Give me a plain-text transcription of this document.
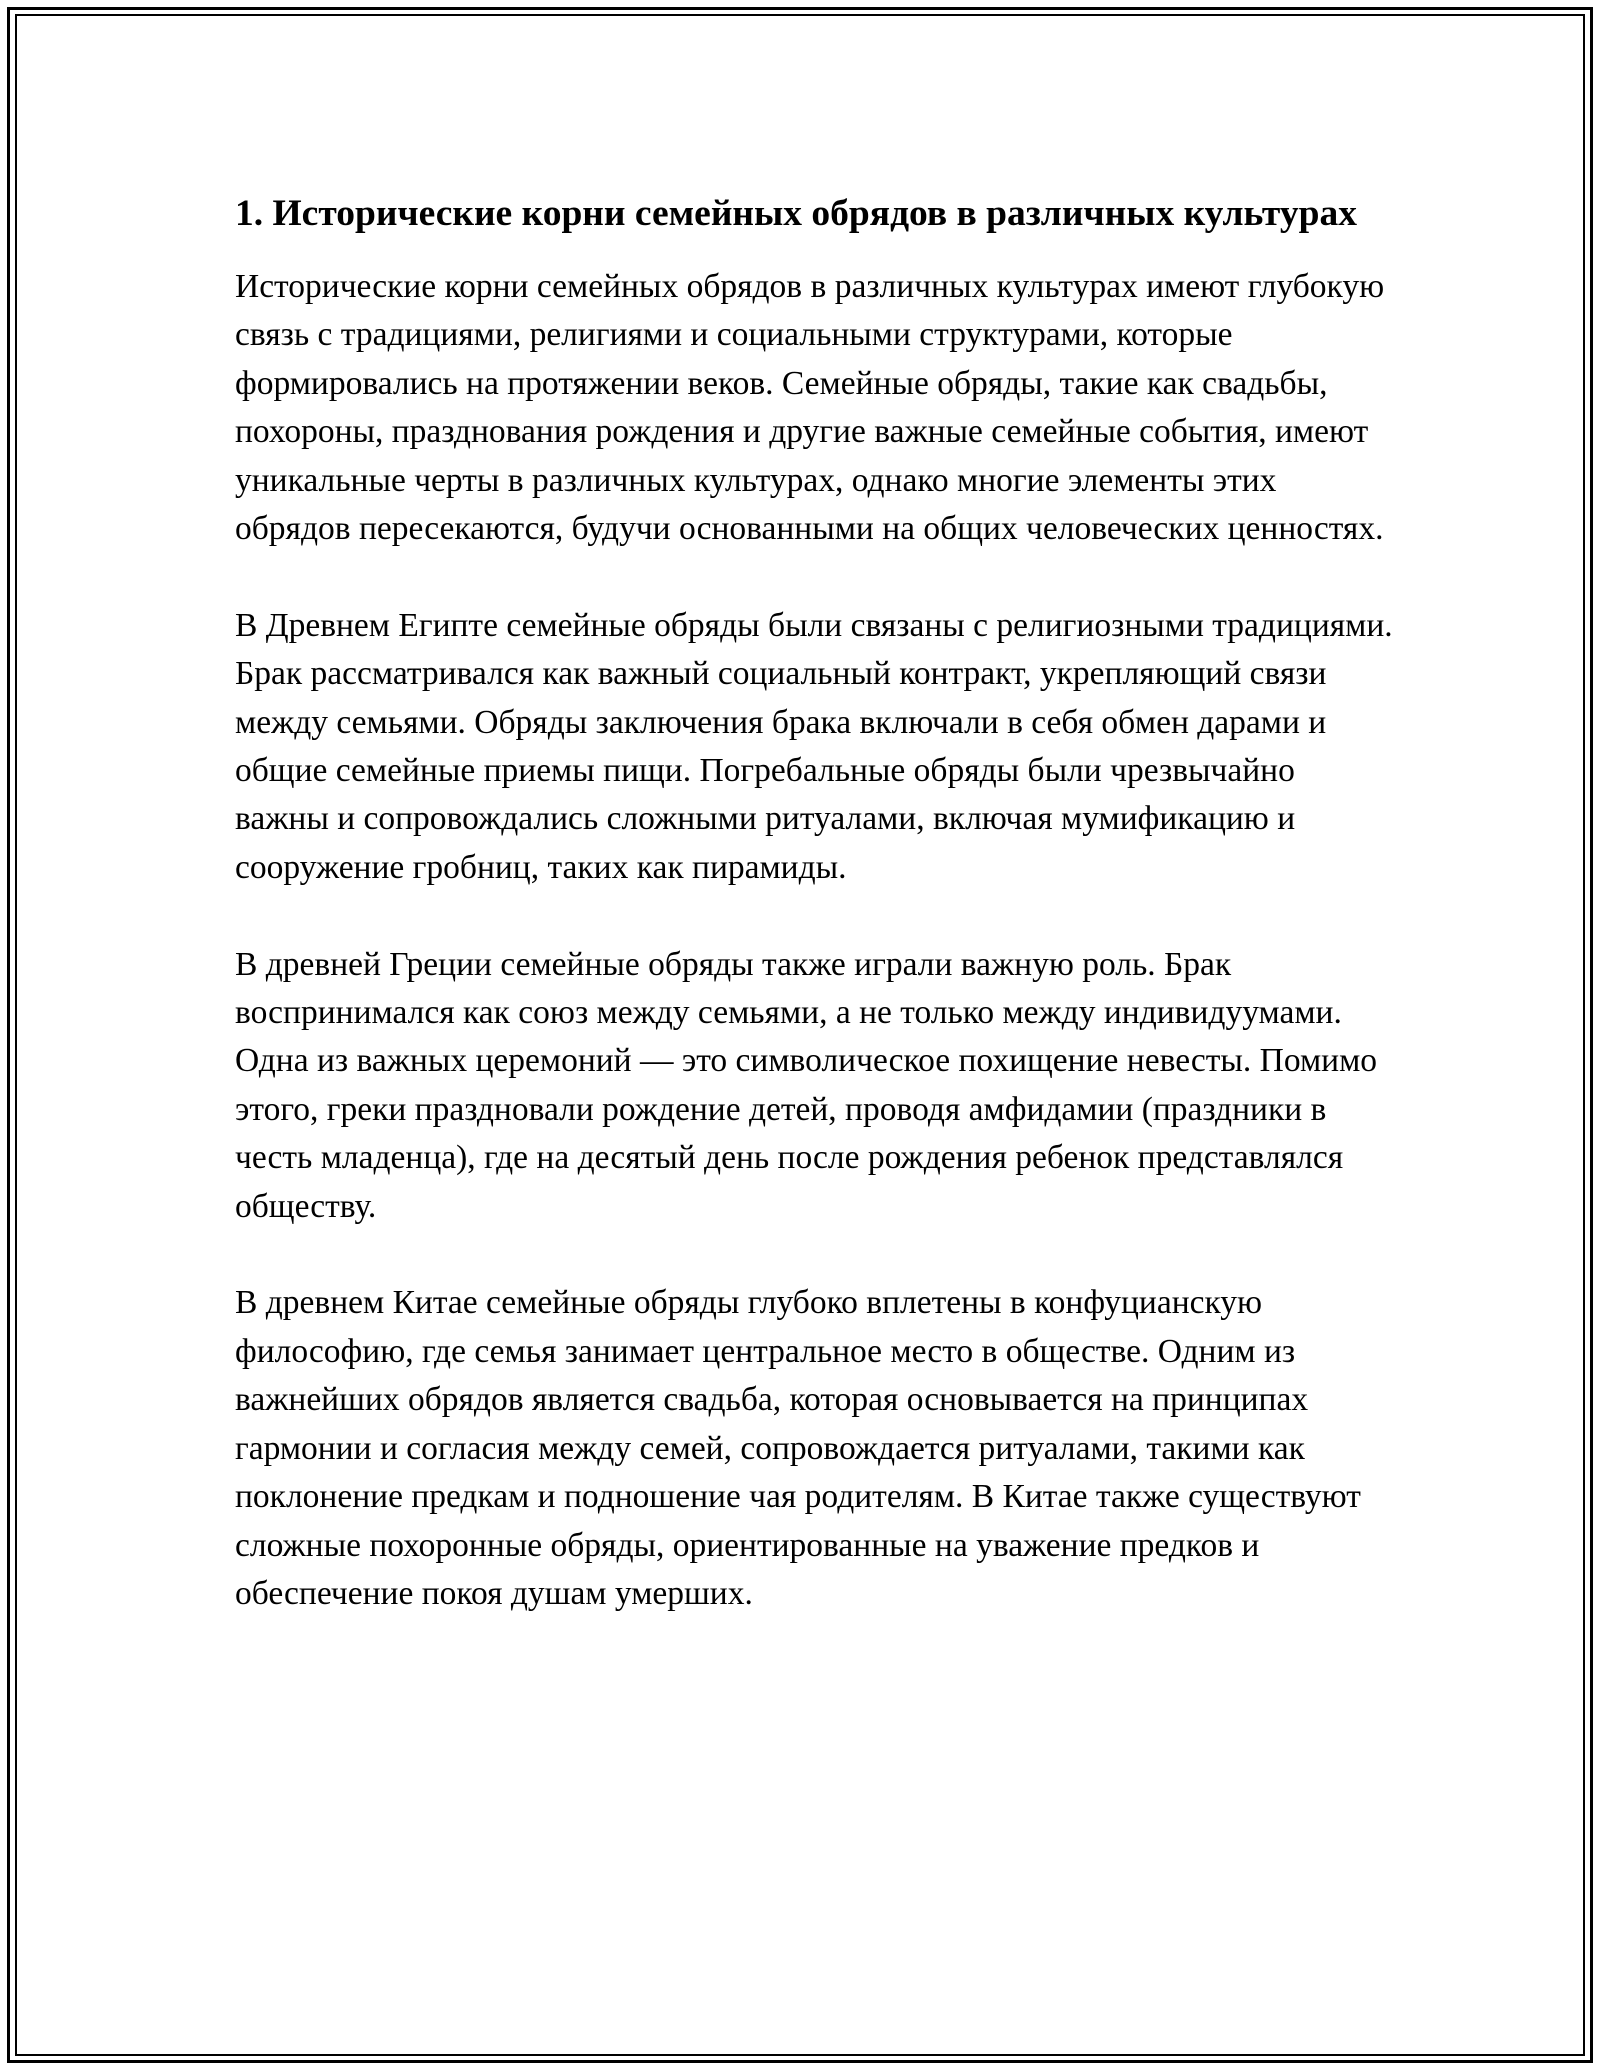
1. Исторические корни семейных обрядов в различных культурах

Исторические корни семейных обрядов в различных культурах имеют глубокую связь с традициями, религиями и социальными структурами, которые формировались на протяжении веков. Семейные обряды, такие как свадьбы, похороны, празднования рождения и другие важные семейные события, имеют уникальные черты в различных культурах, однако многие элементы этих обрядов пересекаются, будучи основанными на общих человеческих ценностях.

В Древнем Египте семейные обряды были связаны с религиозными традициями. Брак рассматривался как важный социальный контракт, укрепляющий связи между семьями. Обряды заключения брака включали в себя обмен дарами и общие семейные приемы пищи. Погребальные обряды были чрезвычайно важны и сопровождались сложными ритуалами, включая мумификацию и сооружение гробниц, таких как пирамиды.

В древней Греции семейные обряды также играли важную роль. Брак воспринимался как союз между семьями, а не только между индивидуумами. Одна из важных церемоний — это символическое похищение невесты. Помимо этого, греки праздновали рождение детей, проводя амфидамии (праздники в честь младенца), где на десятый день после рождения ребенок представлялся обществу.

В древнем Китае семейные обряды глубоко вплетены в конфуцианскую философию, где семья занимает центральное место в обществе. Одним из важнейших обрядов является свадьба, которая основывается на принципах гармонии и согласия между семей, сопровождается ритуалами, такими как поклонение предкам и подношение чая родителям. В Китае также существуют сложные похоронные обряды, ориентированные на уважение предков и обеспечение покоя душам умерших.
